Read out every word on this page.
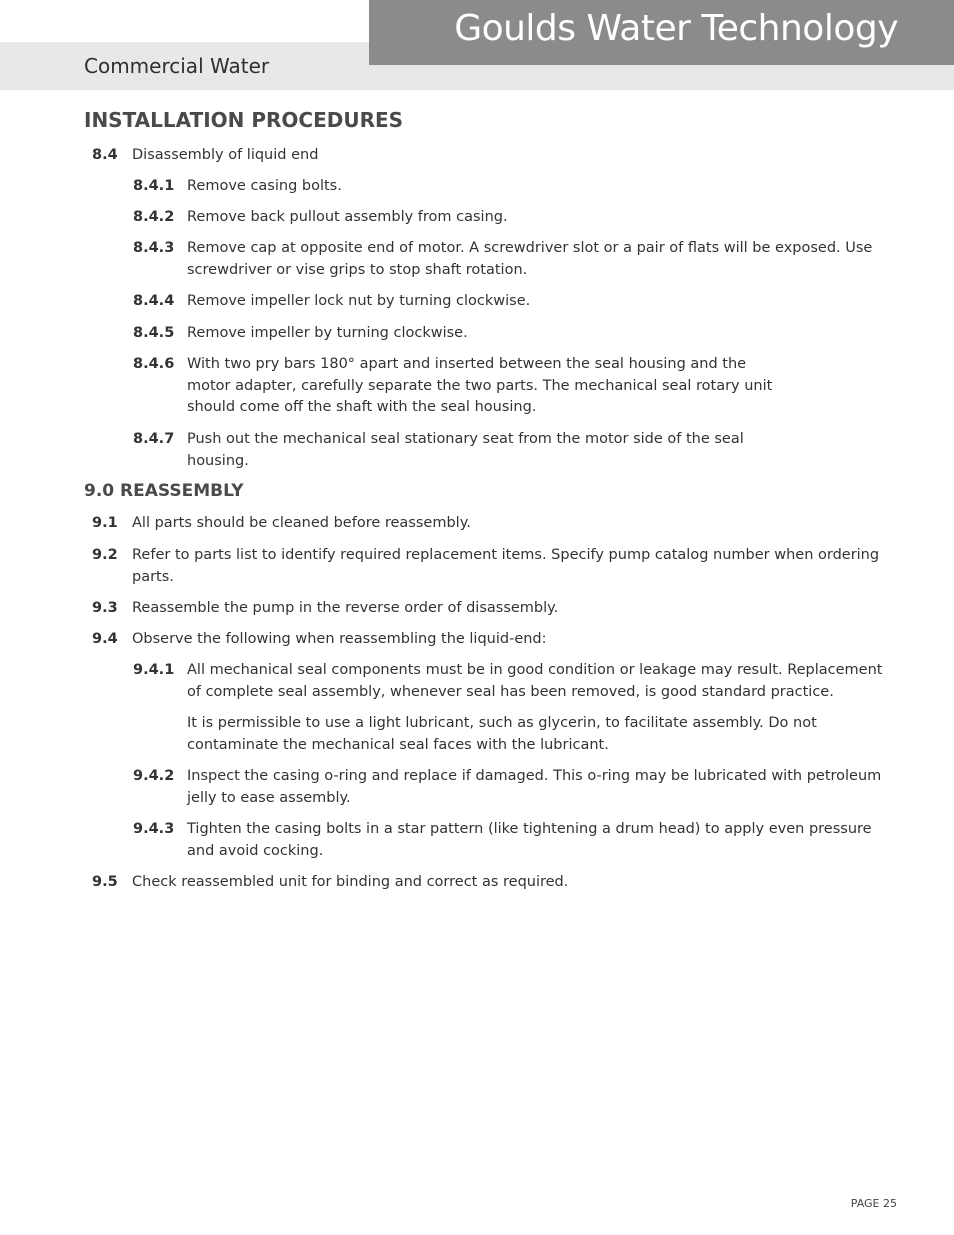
Goulds Water Technology
Commercial Water
INSTALLATION PROCEDURES
8.4 Disassembly of liquid end
8.4.1 Remove casing bolts.
8.4.2 Remove back pullout assembly from casing.
8.4.3 Remove cap at opposite end of motor. A screwdriver slot or a pair of flats will be exposed. Use screwdriver or vise grips to stop shaft rotation.
8.4.4 Remove impeller lock nut by turning clockwise.
8.4.5 Remove impeller by turning clockwise.
8.4.6 With two pry bars 180° apart and inserted between the seal housing and the motor adapter, carefully separate the two parts. The mechanical seal rotary unit should come off the shaft with the seal housing.
8.4.7 Push out the mechanical seal stationary seat from the motor side of the seal housing.
9.0 REASSEMBLY
9.1 All parts should be cleaned before reassembly.
9.2 Refer to parts list to identify required replacement items. Specify pump catalog number when ordering parts.
9.3 Reassemble the pump in the reverse order of disassembly.
9.4 Observe the following when reassembling the liquid-end:
9.4.1 All mechanical seal components must be in good condition or leakage may result. Replacement of complete seal assembly, whenever seal has been removed, is good standard practice.
It is permissible to use a light lubricant, such as glycerin, to facilitate assembly. Do not contaminate the mechanical seal faces with the lubricant.
9.4.2 Inspect the casing o-ring and replace if damaged. This o-ring may be lubricated with petroleum jelly to ease assembly.
9.4.3 Tighten the casing bolts in a star pattern (like tightening a drum head) to apply even pressure and avoid cocking.
9.5 Check reassembled unit for binding and correct as required.
PAGE 25
